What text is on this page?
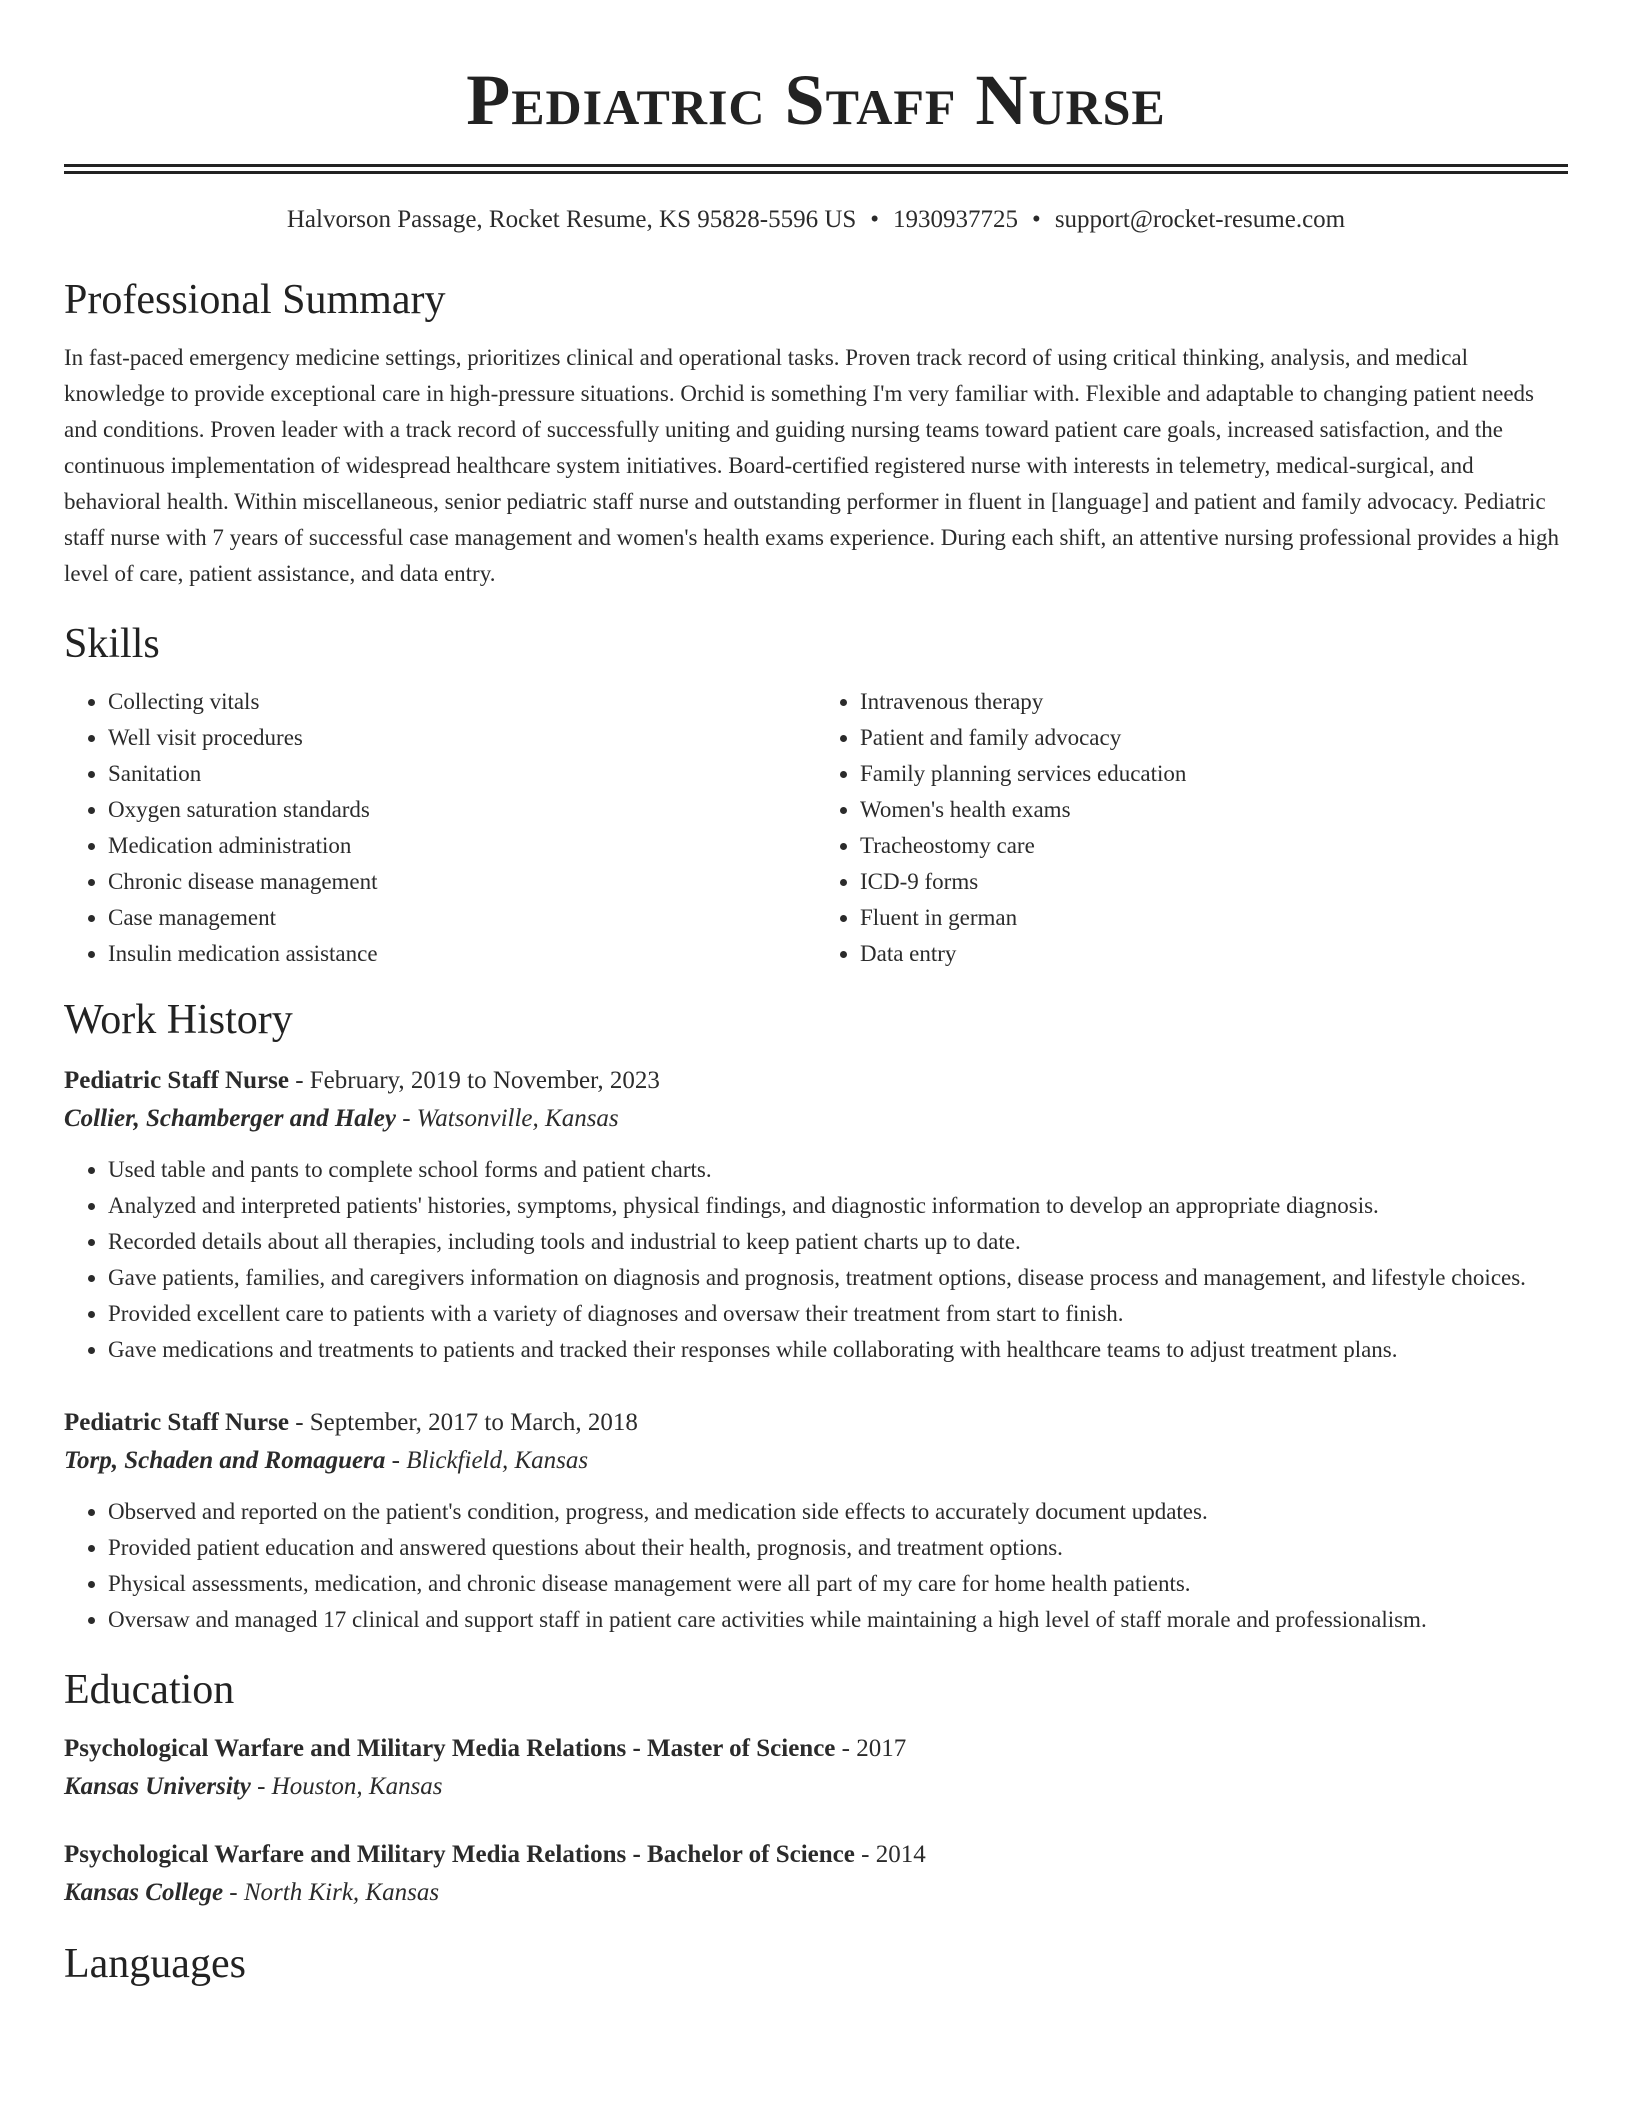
Pediatric Staff Nurse
Halvorson Passage, Rocket Resume, KS 95828-5596 US • 1930937725 • support@rocket-resume.com
Professional Summary

In fast-paced emergency medicine settings, prioritizes clinical and operational tasks. Proven track record of using critical thinking, analysis, and medical knowledge to provide exceptional care in high-pressure situations. Orchid is something I'm very familiar with. Flexible and adaptable to changing patient needs and conditions. Proven leader with a track record of successfully uniting and guiding nursing teams toward patient care goals, increased satisfaction, and the continuous implementation of widespread healthcare system initiatives. Board-certified registered nurse with interests in telemetry, medical-surgical, and behavioral health. Within miscellaneous, senior pediatric staff nurse and outstanding performer in fluent in [language] and patient and family advocacy. Pediatric staff nurse with 7 years of successful case management and women's health exams experience. During each shift, an attentive nursing professional provides a high level of care, patient assistance, and data entry.

Skills
• Collecting vitals
• Well visit procedures
• Sanitation
• Oxygen saturation standards
• Medication administration
• Chronic disease management
• Case management
• Insulin medication assistance
• Intravenous therapy
• Patient and family advocacy
• Family planning services education
• Women's health exams
• Tracheostomy care
• ICD-9 forms
• Fluent in german
• Data entry
Work History
Pediatric Staff Nurse - February, 2019 to November, 2023
Collier, Schamberger and Haley - Watsonville, Kansas
• Used table and pants to complete school forms and patient charts.
• Analyzed and interpreted patients' histories, symptoms, physical findings, and diagnostic information to develop an appropriate diagnosis.
• Recorded details about all therapies, including tools and industrial to keep patient charts up to date.
• Gave patients, families, and caregivers information on diagnosis and prognosis, treatment options, disease process and management, and lifestyle choices.
• Provided excellent care to patients with a variety of diagnoses and oversaw their treatment from start to finish.
• Gave medications and treatments to patients and tracked their responses while collaborating with healthcare teams to adjust treatment plans.
Pediatric Staff Nurse - September, 2017 to March, 2018
Torp, Schaden and Romaguera - Blickfield, Kansas
• Observed and reported on the patient's condition, progress, and medication side effects to accurately document updates.
• Provided patient education and answered questions about their health, prognosis, and treatment options.
• Physical assessments, medication, and chronic disease management were all part of my care for home health patients.
• Oversaw and managed 17 clinical and support staff in patient care activities while maintaining a high level of staff morale and professionalism.
Education
Psychological Warfare and Military Media Relations - Master of Science - 2017
Kansas University - Houston, Kansas
Psychological Warfare and Military Media Relations - Bachelor of Science - 2014
Kansas College - North Kirk, Kansas
Languages
